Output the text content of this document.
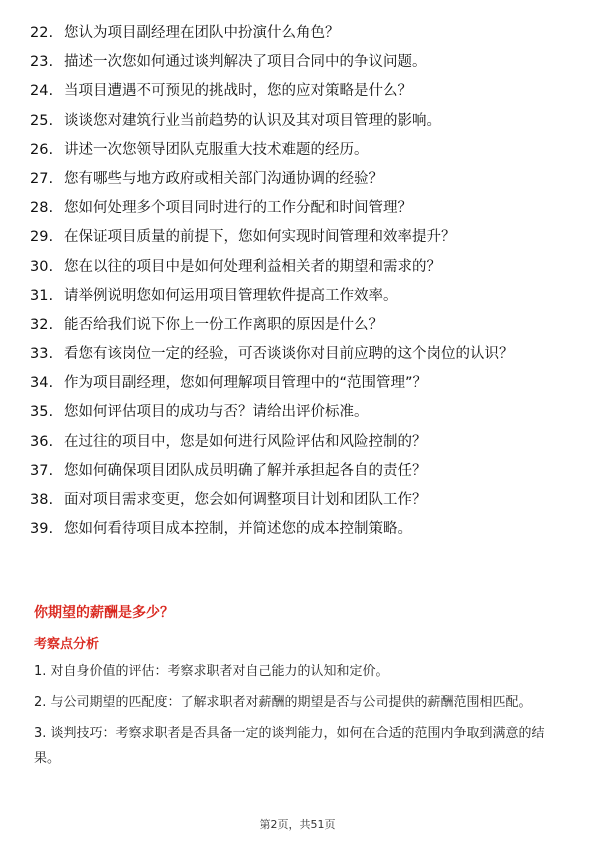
22. 您认为项目副经理在团队中扮演什么角色？
23. 描述一次您如何通过谈判解决了项目合同中的争议问题。
24. 当项目遭遇不可预见的挑战时，您的应对策略是什么？
25. 谈谈您对建筑行业当前趋势的认识及其对项目管理的影响。
26. 讲述一次您领导团队克服重大技术难题的经历。
27. 您有哪些与地方政府或相关部门沟通协调的经验？
28. 您如何处理多个项目同时进行的工作分配和时间管理？
29. 在保证项目质量的前提下，您如何实现时间管理和效率提升？
30. 您在以往的项目中是如何处理利益相关者的期望和需求的？
31. 请举例说明您如何运用项目管理软件提高工作效率。
32. 能否给我们说下你上一份工作离职的原因是什么？
33. 看您有该岗位一定的经验，可否谈谈你对目前应聘的这个岗位的认识？
34. 作为项目副经理，您如何理解项目管理中的“范围管理”？
35. 您如何评估项目的成功与否？请给出评价标准。
36. 在过往的项目中，您是如何进行风险评估和风险控制的？
37. 您如何确保项目团队成员明确了解并承担起各自的责任？
38. 面对项目需求变更，您会如何调整项目计划和团队工作？
39. 您如何看待项目成本控制，并简述您的成本控制策略。
你期望的薪酬是多少？
考察点分析
1. 对自身价值的评估：考察求职者对自己能力的认知和定价。
2. 与公司期望的匹配度：了解求职者对薪酬的期望是否与公司提供的薪酬范围相匹配。
3. 谈判技巧：考察求职者是否具备一定的谈判能力，如何在合适的范围内争取到满意的结果。
第2页，共51页
